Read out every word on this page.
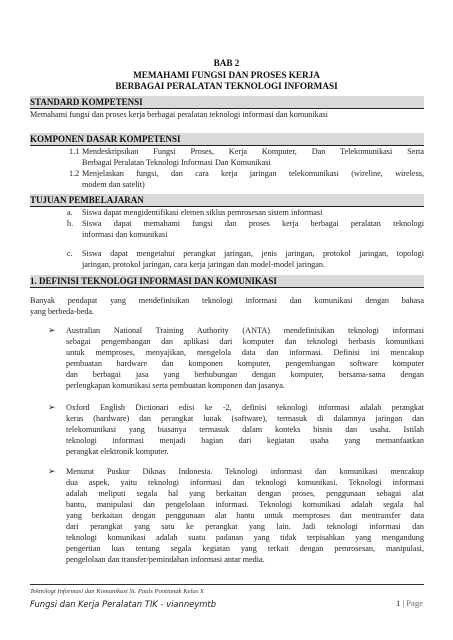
BAB 2
MEMAHAMI FUNGSI DAN PROSES KERJA
BERBAGAI PERALATAN TEKNOLOGI INFORMASI
STANDARD KOMPETENSI
Memahami fungsi dan proses kerja berbagai peralatan teknologi informasi dan komunikasi
KOMPONEN DASAR KOMPETENSI
1.1 Mendeskripsikan Fungsi Proses, Kerja Komputer, Dan Telekomunikasi Serta
Berbagai Peralatan Teknologi Informasi Dan Komunikasi
1.2 Menjelaskan fungsi, dan cara kerja jaringan telekomunikasi (wireline, wireless,
modem dan satelit)
TUJUAN PEMBELAJARAN
a. Siswa dapat mengidentifikasi elemen siklus pemrosesan sistem informasi
b. Siswa dapat memahami fungsi dan proses kerja berbagai peralatan teknologi
informasi dan komunikasi
c. Siswa dapat mengetahui perangkat jaringan, jenis jaringan, protokol jaringan, topologi
jaringan, protokol jaringan, cara kerja jaringan dan model-model jaringan.
1. DEFINISI TEKNOLOGI INFORMASI DAN KOMUNIKASI
Banyak pendapat yang mendefinisikan teknologi informasi dan komunikasi dengan bahasa
yang berbeda-beda.
➢ Australian National Training Authority (ANTA) mendefinisikan teknologi informasi
sebagai pengembangan dan aplikasi dari komputer dan teknologi berbasis komunikasi
untuk memproses, menyajikan, mengelola data dan informasi. Definisi ini mencakup
pembuatan hardware dan komponen komputer, pengembangan software komputer
dan berbagai jasa yang berhubungan dengan komputer, bersama-sama dengan
perlengkapan komunikasi serta pembuatan komponen dan jasanya.
➢ Oxford English Dictionari edisi ke -2, definisi teknologi informasi adalah perangkat
keras (hardware) dan perangkat lunak (software), termasuk di dalamnya jaringan dan
telekomunikasi yang biasanya termasuk dalam konteks bisnis dan usaha. Istilah
teknologi informasi menjadi bagian dari kegiatan usaha yang memanfaatkan
perangkat elektronik komputer.
➢ Menurut Puskur Diknas Indonesia. Teknologi informasi dan komunikasi mencakup
dua aspek, yaitu teknologi informasi dan teknologi komunikasi. Teknologi informasi
adalah meliputi segala hal yang berkaitan dengan proses, penggunaan sebagai alat
bantu, manipulasi dan pengelolaan informasi. Teknologi komunikasi adalah segala hal
yang berkaitan dengan penggunaan alat bantu untuk memproses dan mentransfer data
dari perangkat yang satu ke perangkat yang lain. Jadi teknologi informasi dan
teknologi komunikasi adalah suatu padanan yang tidak terpisahkan yang mengandung
pengertian luas tentang segala kegiatan yang terkait dengan pemrosesan, manipulasi,
pengelolaan dan transfer/pemindahan informasi antar media.
Teknologi Informasi dan Komunikasi St. Pauls Pontianak Kelas X
Fungsi dan Kerja Peralatan TIK - vianneymtb	1 | Page
